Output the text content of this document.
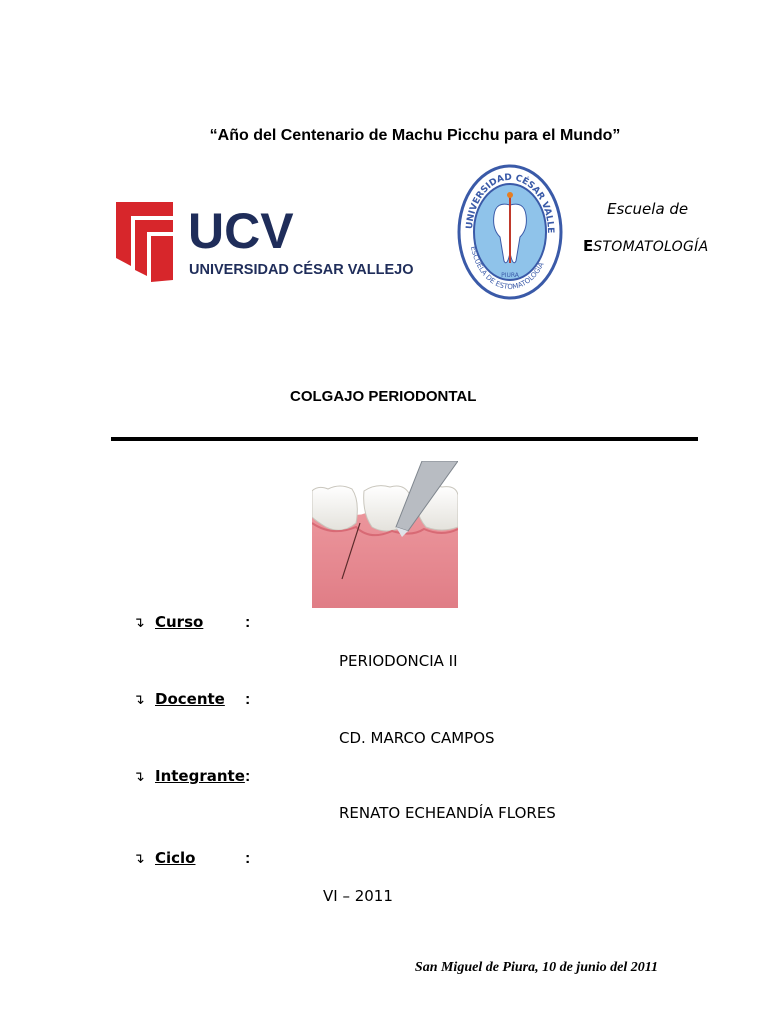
“Año del Centenario de Machu Picchu para el Mundo”
UCV
UNIVERSIDAD CÉSAR VALLEJO
UNIVERSIDAD CÉSAR VALLE
ESCUELA DE ESTOMATOLOGÍA
PIURA
Escuela de
ESTOMATOLOGÍA
COLGAJO PERIODONTAL
↴ Curso	:
PERIODONCIA II
↴ Docente :
CD. MARCO CAMPOS
↴ Integrante :
RENATO ECHEANDÍA FLORES
↴ Ciclo	:
VI – 2011
San Miguel de Piura, 10 de junio del 2011
